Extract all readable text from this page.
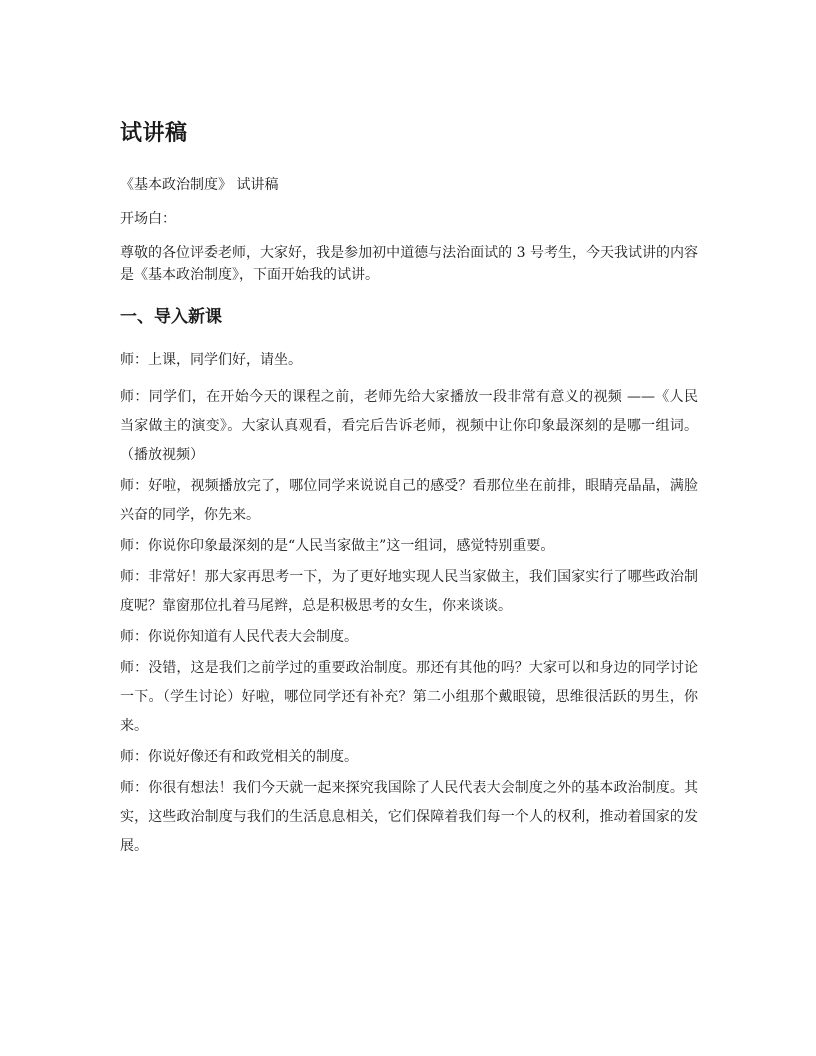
试讲稿

《基本政治制度》 试讲稿

开场白：

尊敬的各位评委老师，大家好，我是参加初中道德与法治面试的 3 号考生，今天我试讲的内容是《基本政治制度》，下面开始我的试讲。

一、导入新课

师：上课，同学们好，请坐。

师：同学们，在开始今天的课程之前，老师先给大家播放一段非常有意义的视频 ——《人民当家做主的演变》。大家认真观看，看完后告诉老师，视频中让你印象最深刻的是哪一组词。（播放视频）

师：好啦，视频播放完了，哪位同学来说说自己的感受？看那位坐在前排，眼睛亮晶晶，满脸兴奋的同学，你先来。

师：你说你印象最深刻的是“人民当家做主”这一组词，感觉特别重要。

师：非常好！那大家再思考一下，为了更好地实现人民当家做主，我们国家实行了哪些政治制度呢？靠窗那位扎着马尾辫，总是积极思考的女生，你来谈谈。

师：你说你知道有人民代表大会制度。

师：没错，这是我们之前学过的重要政治制度。那还有其他的吗？大家可以和身边的同学讨论一下。（学生讨论）好啦，哪位同学还有补充？第二小组那个戴眼镜，思维很活跃的男生，你来。

师：你说好像还有和政党相关的制度。

师：你很有想法！我们今天就一起来探究我国除了人民代表大会制度之外的基本政治制度。其实，这些政治制度与我们的生活息息相关，它们保障着我们每一个人的权利，推动着国家的发展。
